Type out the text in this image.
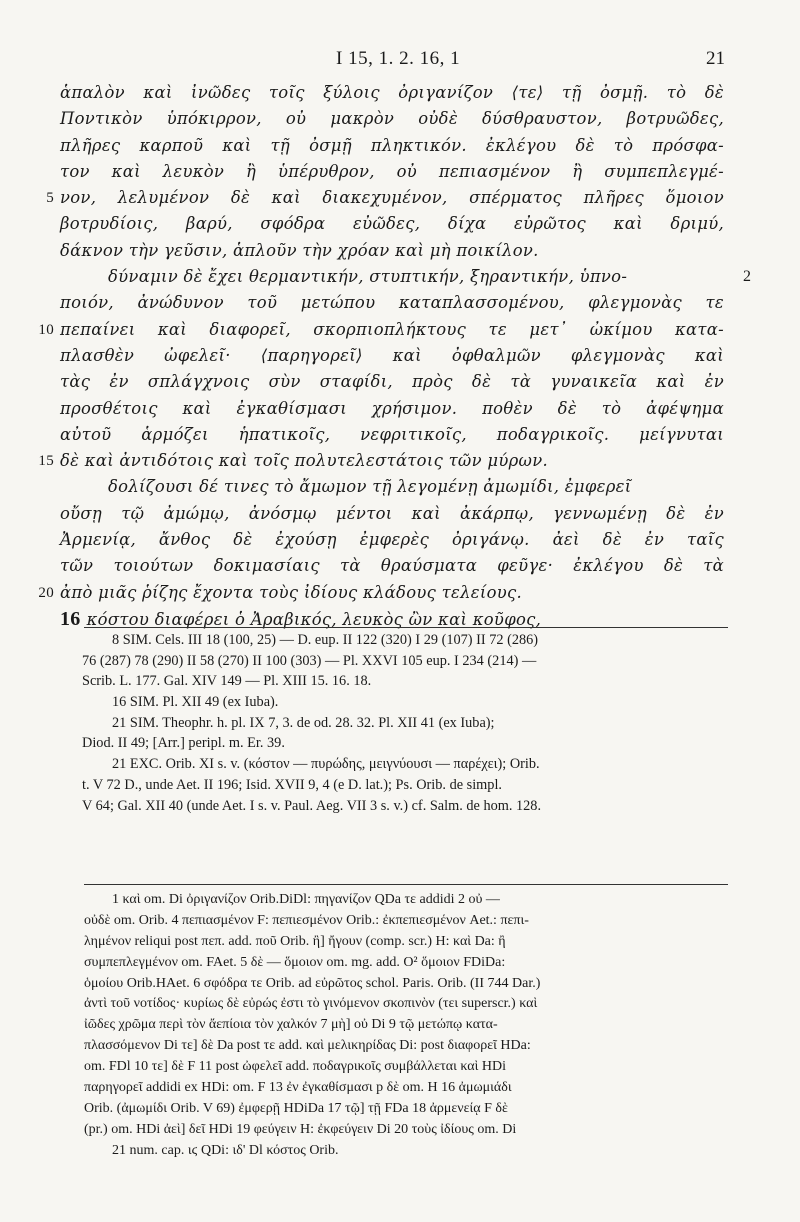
I 15, 1. 2. 16, 1	21
ἁπαλὸν καὶ ἰνῶδες τοῖς ξύλοις ὀριγανίζον ⟨τε⟩ τῇ ὀσμῇ. τὸ δὲ
Ποντικὸν ὑπόκιρρον, οὐ μακρὸν οὐδὲ δύσθραυστον, βοτρυῶδες,
πλῆρες καρποῦ καὶ τῇ ὀσμῇ πληκτικόν. ἐκλέγου δὲ τὸ πρόσφα-
τον καὶ λευκὸν ἢ ὑπέρυθρον, οὐ πεπιασμένον ἢ συμπεπλεγμέ-
5 νον, λελυμένον δὲ καὶ διακεχυμένον, σπέρματος πλῆρες ὅμοιον
βοτρυδίοις, βαρύ, σφόδρα εὐῶδες, δίχα εὐρῶτος καὶ δριμύ,
δάκνον τὴν γεῦσιν, ἁπλοῦν τὴν χρόαν καὶ μὴ ποικίλον.
δύναμιν δὲ ἔχει θερμαντικήν, στυπτικήν, ξηραντικήν, ὑπνο-	2
ποιόν, ἀνώδυνον τοῦ μετώπου καταπλασσομένου, φλεγμονὰς τε
10 πεπαίνει καὶ διαφορεῖ, σκορπιοπλήκτους τε μετ᾽ ὠκίμου κατα-
πλασθὲν ὠφελεῖ· ⟨παρηγορεῖ⟩ καὶ ὀφθαλμῶν φλεγμονὰς καὶ
τὰς ἐν σπλάγχνοις σὺν σταφίδι, πρὸς δὲ τὰ γυναικεῖα καὶ ἐν
προσθέτοις καὶ ἐγκαθίσμασι χρήσιμον. ποθὲν δὲ τὸ ἀφέψημα
αὐτοῦ ἁρμόζει ἡπατικοῖς, νεφριτικοῖς, ποδαγρικοῖς. μείγνυται
15 δὲ καὶ ἀντιδότοις καὶ τοῖς πολυτελεστάτοις τῶν μύρων.
δολίζουσι δέ τινες τὸ ἄμωμον τῇ λεγομένῃ ἀμωμίδι, ἐμφερεῖ
οὔσῃ τῷ ἀμώμῳ, ἀνόσμῳ μέντοι καὶ ἀκάρπῳ, γεννωμένῃ δὲ ἐν
Ἀρμενίᾳ, ἄνθος δὲ ἐχούσῃ ἐμφερὲς ὀριγάνῳ. ἀεὶ δὲ ἐν ταῖς
τῶν τοιούτων δοκιμασίαις τὰ θραύσματα φεῦγε· ἐκλέγου δὲ τὰ
20 ἀπὸ μιᾶς ῥίζης ἔχοντα τοὺς ἰδίους κλάδους τελείους.
16 κόστου διαφέρει ὁ Ἀραβικός, λευκὸς ὢν καὶ κοῦφος,
8 SIM. Cels. III 18 (100, 25) — D. eup. II 122 (320) I 29 (107) II 72 (286)
76 (287) 78 (290) II 58 (270) II 100 (303) — Pl. XXVI 105 eup. I 234 (214) —
Scrib. L. 177. Gal. XIV 149 — Pl. XIII 15. 16. 18.
16 SIM. Pl. XII 49 (ex Iuba).
21 SIM. Theophr. h. pl. IX 7, 3. de od. 28. 32. Pl. XII 41 (ex Iuba);
Diod. II 49; [Arr.] peripl. m. Er. 39.
21 EXC. Orib. XI s. v. (κόστον — πυρώδης, μειγνύουσι — παρέχει); Orib.
t. V 72 D., unde Aet. II 196; Isid. XVII 9, 4 (e D. lat.); Ps. Orib. de simpl.
V 64; Gal. XII 40 (unde Aet. I s. v. Paul. Aeg. VII 3 s. v.) cf. Salm. de hom. 128.
1 καὶ om. Di ὀριγανίζον Orib.DiDl: πηγανίζον QDa τε addidi 2 οὐ —
οὐδὲ om. Orib. 4 πεπιασμένον F: πεπιεσμένον Orib.: ἐκπεπιεσμένον Aet.: πεπι-
λημένον reliqui post πεπ. add. ποῦ Orib. ἢ] ἤγουν (comp. scr.) H: καὶ Da: ἢ
συμπεπλεγμένον om. FAet. 5 δὲ — ὅμοιον om. mg. add. O² ὅμοιον FDiDa:
ὁμοίου Orib.HAet. 6 σφόδρα τε Orib. ad εὐρῶτος schol. Paris. Orib. (II 744 Dar.)
ἀντὶ τοῦ νοτίδος· κυρίως δὲ εὐρώς ἐστι τὸ γινόμενον σκοπινὸν (τει superscr.) καὶ
ἰῶδες χρῶμα περὶ τὸν ἄεπίοια τὸν χαλκόν 7 μὴ] οὐ Di 9 τῷ μετώπῳ κατα-
πλασσόμενον Di τε] δὲ Da post τε add. καὶ μελικηρίδας Di: post διαφορεῖ HDa:
om. FDl 10 τε] δὲ F 11 post ὠφελεῖ add. ποδαγρικοῖς συμβάλλεται καὶ HDi
παρηγορεῖ addidi ex HDi: om. F 13 ἐν ἐγκαθίσμασι p δὲ om. H 16 ἀμωμιάδι
Orib. (ἀμωμίδι Orib. V 69) ἐμφερῇ HDiDa 17 τῷ] τῇ FDa 18 ἀρμενείᾳ F δὲ
(pr.) om. HDi ἀεὶ] δεῖ HDi 19 φεύγειν H: ἐκφεύγειν Di 20 τοὺς ἰδίους om. Di
21 num. cap. ιϛ QDi: ιδ' Dl κόστος Orib.
